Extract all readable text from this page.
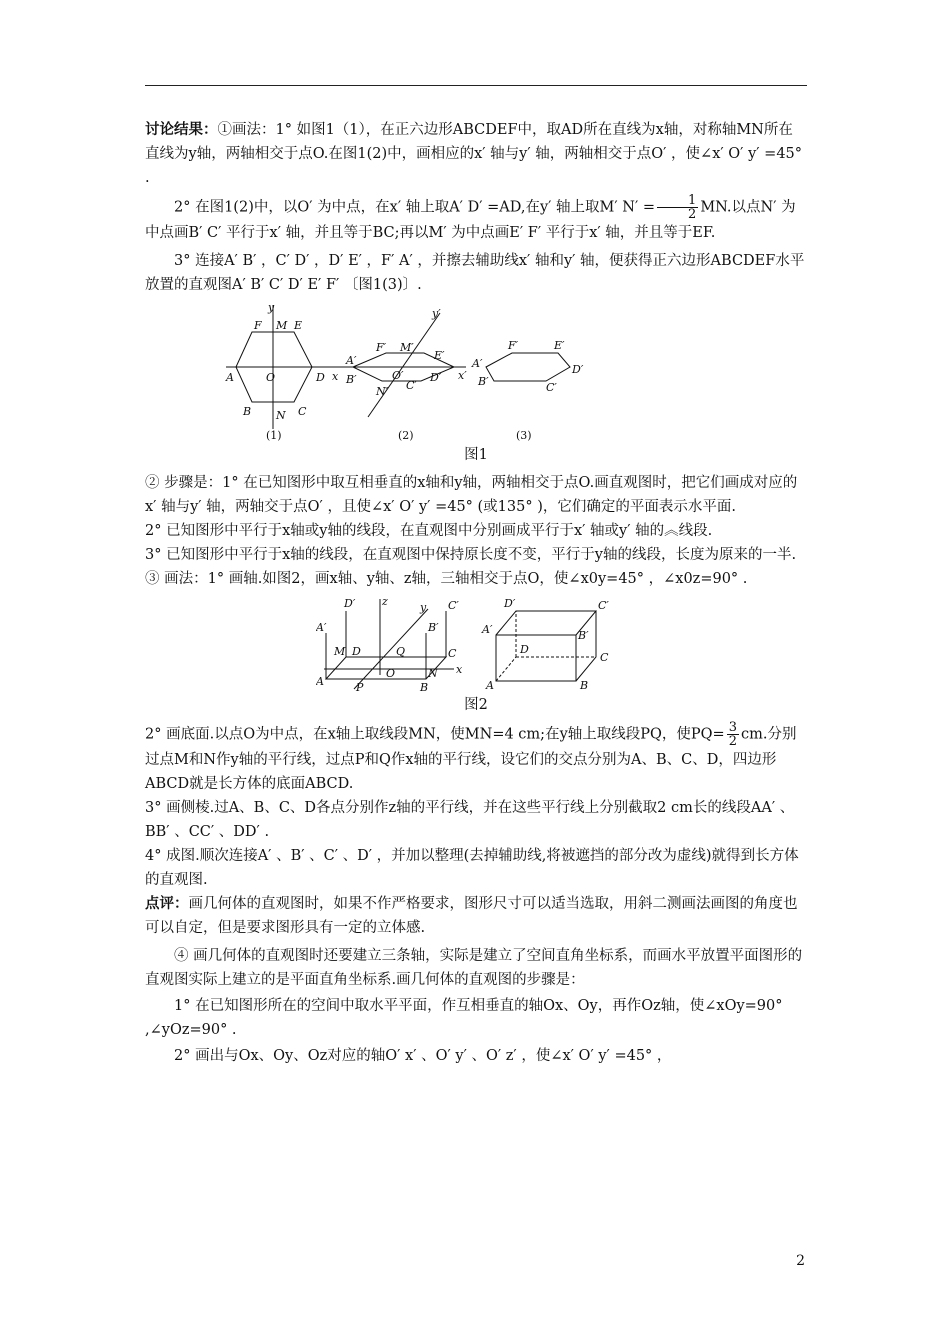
讨论结果：①画法：1° 如图1（1），在正六边形ABCDEF中，取AD所在直线为x轴，对称轴MN所在直线为y轴，两轴相交于点O.在图1(2)中，画相应的x′ 轴与y′ 轴，两轴相交于点O′ ，使∠x′ O′ y′ =45° .

2° 在图1(2)中，以O′ 为中点，在x′ 轴上取A′ D′ =AD,在y′ 轴上取M′ $N' = \frac{1}{2}$ MN.以点N′ 为中点画B′ C′ 平行于x′ 轴，并且等于BC;再以M′ 为中点画E′ F′ 平行于x′ 轴，并且等于EF.

3° 连接A′ B′ ，C′ D′ ，D′ E′ ，F′ A′ ，并擦去辅助线x′ 轴和y′ 轴，便获得正六边形ABCDEF水平放置的直观图A′ B′ C′ D′ E′ F′ 〔图1(3)〕.

y
F M E
A	O	D x
B N C
(1)
y′
F′ M′
E′
A′
O′ D′ x′
B′
N′ C′
(2)
F′	E′
A′	D′
B′	C′
(3)
图1

② 步骤是：1° 在已知图形中取互相垂直的x轴和y轴，两轴相交于点O.画直观图时，把它们画成对应的x′ 轴与y′ 轴，两轴交于点O′ ，且使∠x′ O′ y′ =45° (或135° )，它们确定的平面表示水平面.

2° 已知图形中平行于x轴或y轴的线段，在直观图中分别画成平行于x′ 轴或y′ 轴的︽线段.

3° 已知图形中平行于x轴的线段，在直观图中保持原长度不变，平行于y轴的线段，长度为原来的一半.

③ 画法：1° 画轴.如图2，画x轴、y轴、z轴，三轴相交于点O，使∠x0y=45° ，∠x0z=90° .

D′ z	y C′
A′	B′
M D	Q	C
A
O	N x
P	B
D′	C′
A′	B′
D
C
A	B
图2

2° 画底面.以点O为中点，在x轴上取线段MN，使MN=4 cm;在y轴上取线段PQ，使$PQ= \frac{3}{2}$ cm.分别过点M和N作y轴的平行线，过点P和Q作x轴的平行线，设它们的交点分别为A、B、C、D，四边形ABCD就是长方体的底面ABCD.

3° 画侧棱.过A、B、C、D各点分别作z轴的平行线，并在这些平行线上分别截取2 cm长的线段AA′ 、BB′ 、CC′ 、DD′ .

4° 成图.顺次连接A′ 、B′ 、C′ 、D′ ，并加以整理(去掉辅助线,将被遮挡的部分改为虚线)就得到长方体的直观图.

点评：画几何体的直观图时，如果不作严格要求，图形尺寸可以适当选取，用斜二测画法画图的角度也可以自定，但是要求图形具有一定的立体感.

④ 画几何体的直观图时还要建立三条轴，实际是建立了空间直角坐标系，而画水平放置平面图形的直观图实际上建立的是平面直角坐标系.画几何体的直观图的步骤是：

1° 在已知图形所在的空间中取水平平面，作互相垂直的轴Ox、Oy，再作Oz轴，使∠xOy=90° ,∠yOz=90° .

2° 画出与Ox、Oy、Oz对应的轴O′ x′ 、O′ y′ 、O′ z′ ，使∠x′ O′ y′ =45° ，

2
